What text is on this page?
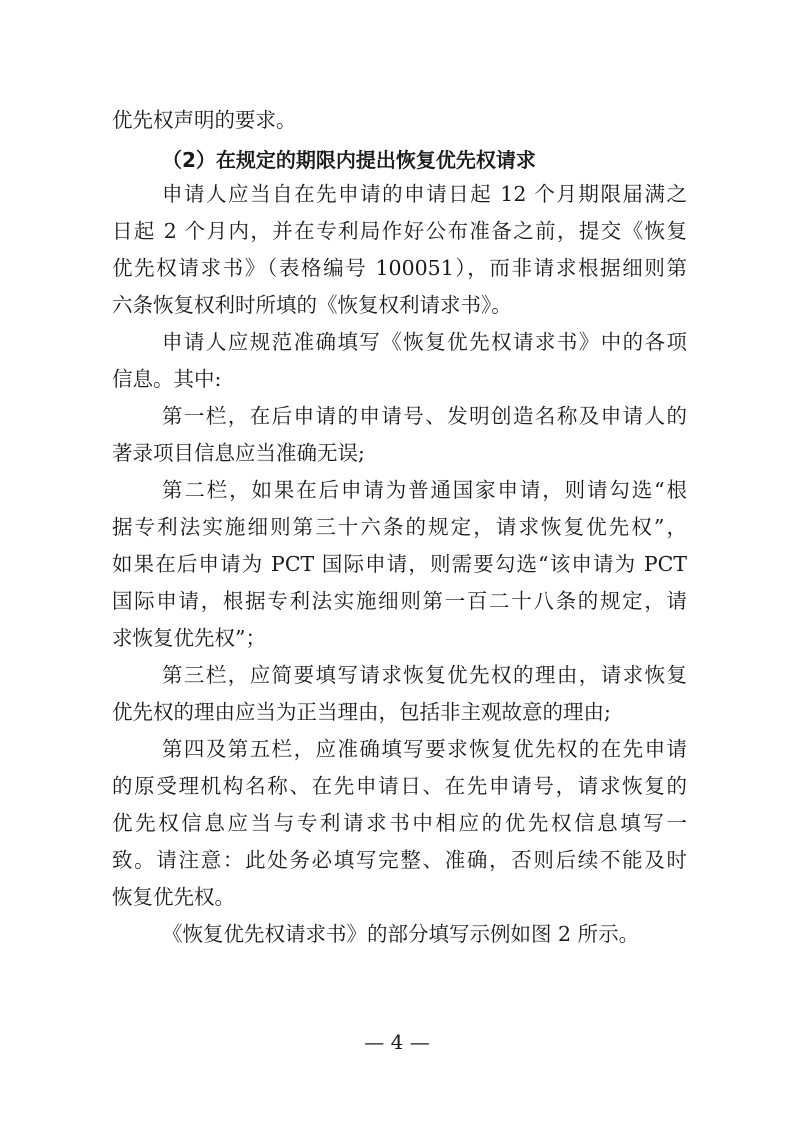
优先权声明的要求。
（2）在规定的期限内提出恢复优先权请求
申请人应当自在先申请的申请日起 12 个月期限届满之
日起 2 个月内，并在专利局作好公布准备之前，提交《恢复
优先权请求书》（表格编号 100051），而非请求根据细则第
六条恢复权利时所填的《恢复权利请求书》。
申请人应规范准确填写《恢复优先权请求书》中的各项
信息。其中:
第一栏，在后申请的申请号、发明创造名称及申请人的
著录项目信息应当准确无误;
第二栏，如果在后申请为普通国家申请，则请勾选“根
据专利法实施细则第三十六条的规定，请求恢复优先权”，
如果在后申请为 PCT 国际申请，则需要勾选“该申请为 PCT
国际申请，根据专利法实施细则第一百二十八条的规定，请
求恢复优先权”；
第三栏，应简要填写请求恢复优先权的理由，请求恢复
优先权的理由应当为正当理由，包括非主观故意的理由;
第四及第五栏，应准确填写要求恢复优先权的在先申请
的原受理机构名称、在先申请日、在先申请号，请求恢复的
优先权信息应当与专利请求书中相应的优先权信息填写一
致。请注意：此处务必填写完整、准确，否则后续不能及时
恢复优先权。
《恢复优先权请求书》的部分填写示例如图 2 所示。
— 4 —
